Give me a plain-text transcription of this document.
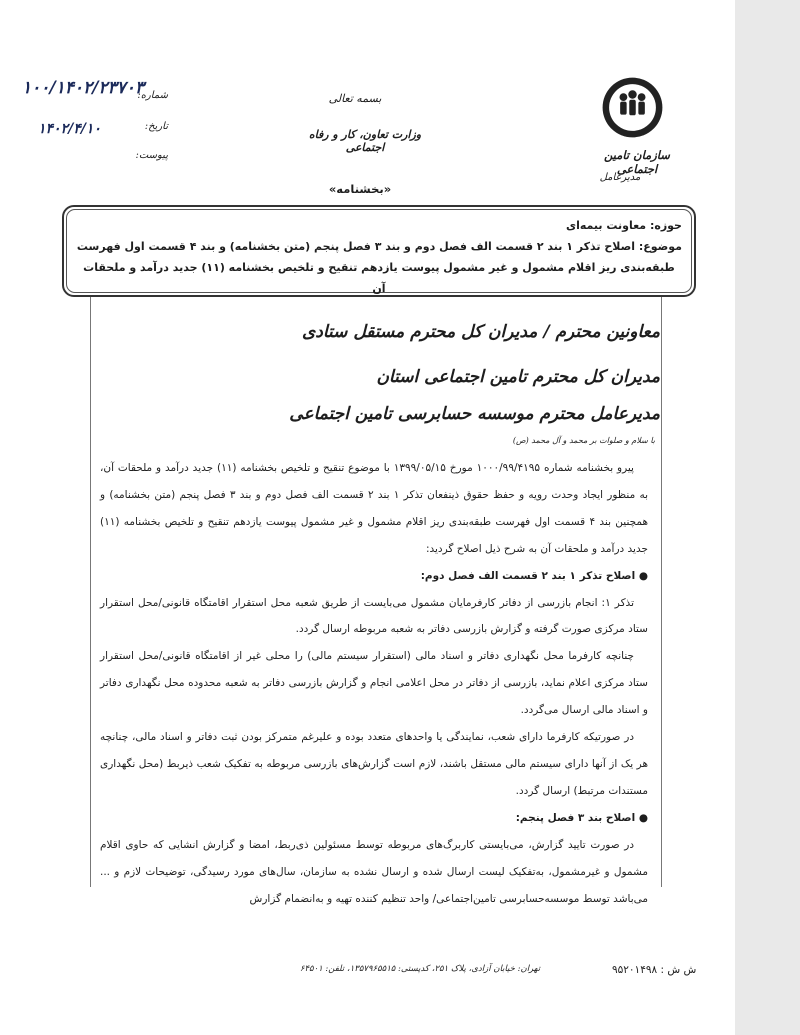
سازمان تامین اجتماعی
مدیرعامل
بسمه تعالی
وزارت تعاون، کار و رفاه اجتماعی
۱۰۰/۱۴۰۲/۲۳۷۰۳
شماره:
۱۴۰۲/۴/۱۰	تاریخ:
پیوست:
«بخشنامه»
حوزه: معاونت بیمه‌ای
موضوع: اصلاح تذکر ۱ بند ۲ قسمت الف فصل دوم و بند ۳ فصل پنجم (متن بخشنامه) و بند ۴ قسمت اول فهرست
طبقه‌بندی ریز اقلام مشمول و غیر مشمول پیوست یازدهم تنقیح و تلخیص بخشنامه (۱۱) جدید درآمد و ملحقات آن
معاونین محترم / مدیران کل محترم مستقل ستادی
مدیران کل محترم تامین اجتماعی استان
مدیرعامل محترم موسسه حسابرسی تامین اجتماعی
با سلام و صلوات بر محمد و آل محمد (ص)

پیرو بخشنامه شماره ۱۰۰۰/۹۹/۴۱۹۵ مورخ ۱۳۹۹/۰۵/۱۵ با موضوع تنقیح و تلخیص بخشنامه (۱۱) جدید درآمد و ملحقات آن، به منظور ایجاد وحدت رویه و حفظ حقوق ذینفعان تذکر ۱ بند ۲ قسمت الف فصل دوم و بند ۳ فصل پنجم (متن بخشنامه) و همچنین بند ۴ قسمت اول فهرست طبقه‌بندی ریز اقلام مشمول و غیر مشمول پیوست یازدهم تنقیح و تلخیص بخشنامه (۱۱) جدید درآمد و ملحقات آن به شرح ذیل اصلاح گردید:

● اصلاح تذکر ۱ بند ۲ قسمت الف فصل دوم:

تذکر ۱: انجام بازرسی از دفاتر کارفرمایان مشمول می‌بایست از طریق شعبه محل استقرار اقامتگاه قانونی/محل استقرار ستاد مرکزی صورت گرفته و گزارش بازرسی دفاتر به شعبه مربوطه ارسال گردد.

چنانچه کارفرما محل نگهداری دفاتر و اسناد مالی (استقرار سیستم مالی) را محلی غیر از اقامتگاه قانونی/محل استقرار ستاد مرکزی اعلام نماید، بازرسی از دفاتر در محل اعلامی انجام و گزارش بازرسی دفاتر به شعبه محدوده محل نگهداری دفاتر و اسناد مالی ارسال می‌گردد.

در صورتیکه کارفرما دارای شعب، نمایندگی یا واحدهای متعدد بوده و علیرغم متمرکز بودن ثبت دفاتر و اسناد مالی، چنانچه هر یک از آنها دارای سیستم مالی مستقل باشند، لازم است گزارش‌های بازرسی مربوطه به تفکیک شعب ذیربط (محل نگهداری مستندات مرتبط) ارسال گردد.

● اصلاح بند ۳ فصل پنجم:

در صورت تایید گزارش، می‌بایستی کاربرگ‌های مربوطه توسط مسئولین ذی‌ربط، امضا و گزارش انشایی که حاوی اقلام مشمول و غیرمشمول، به‌تفکیک لیست ارسال شده و ارسال نشده به سازمان، سال‌های مورد رسیدگی، توضیحات لازم و ... می‌باشد توسط موسسه‌حسابرسی تامین‌اجتماعی/ واحد تنظیم کننده تهیه و به‌انضمام گزارش

ش ش : ۹۵۲۰۱۴۹۸
تهران: خیابان آزادی، پلاک ۲۵۱، کدپستی: ۱۳۵۷۹۶۵۵۱۵، تلفن: ۶۴۵۰۱
